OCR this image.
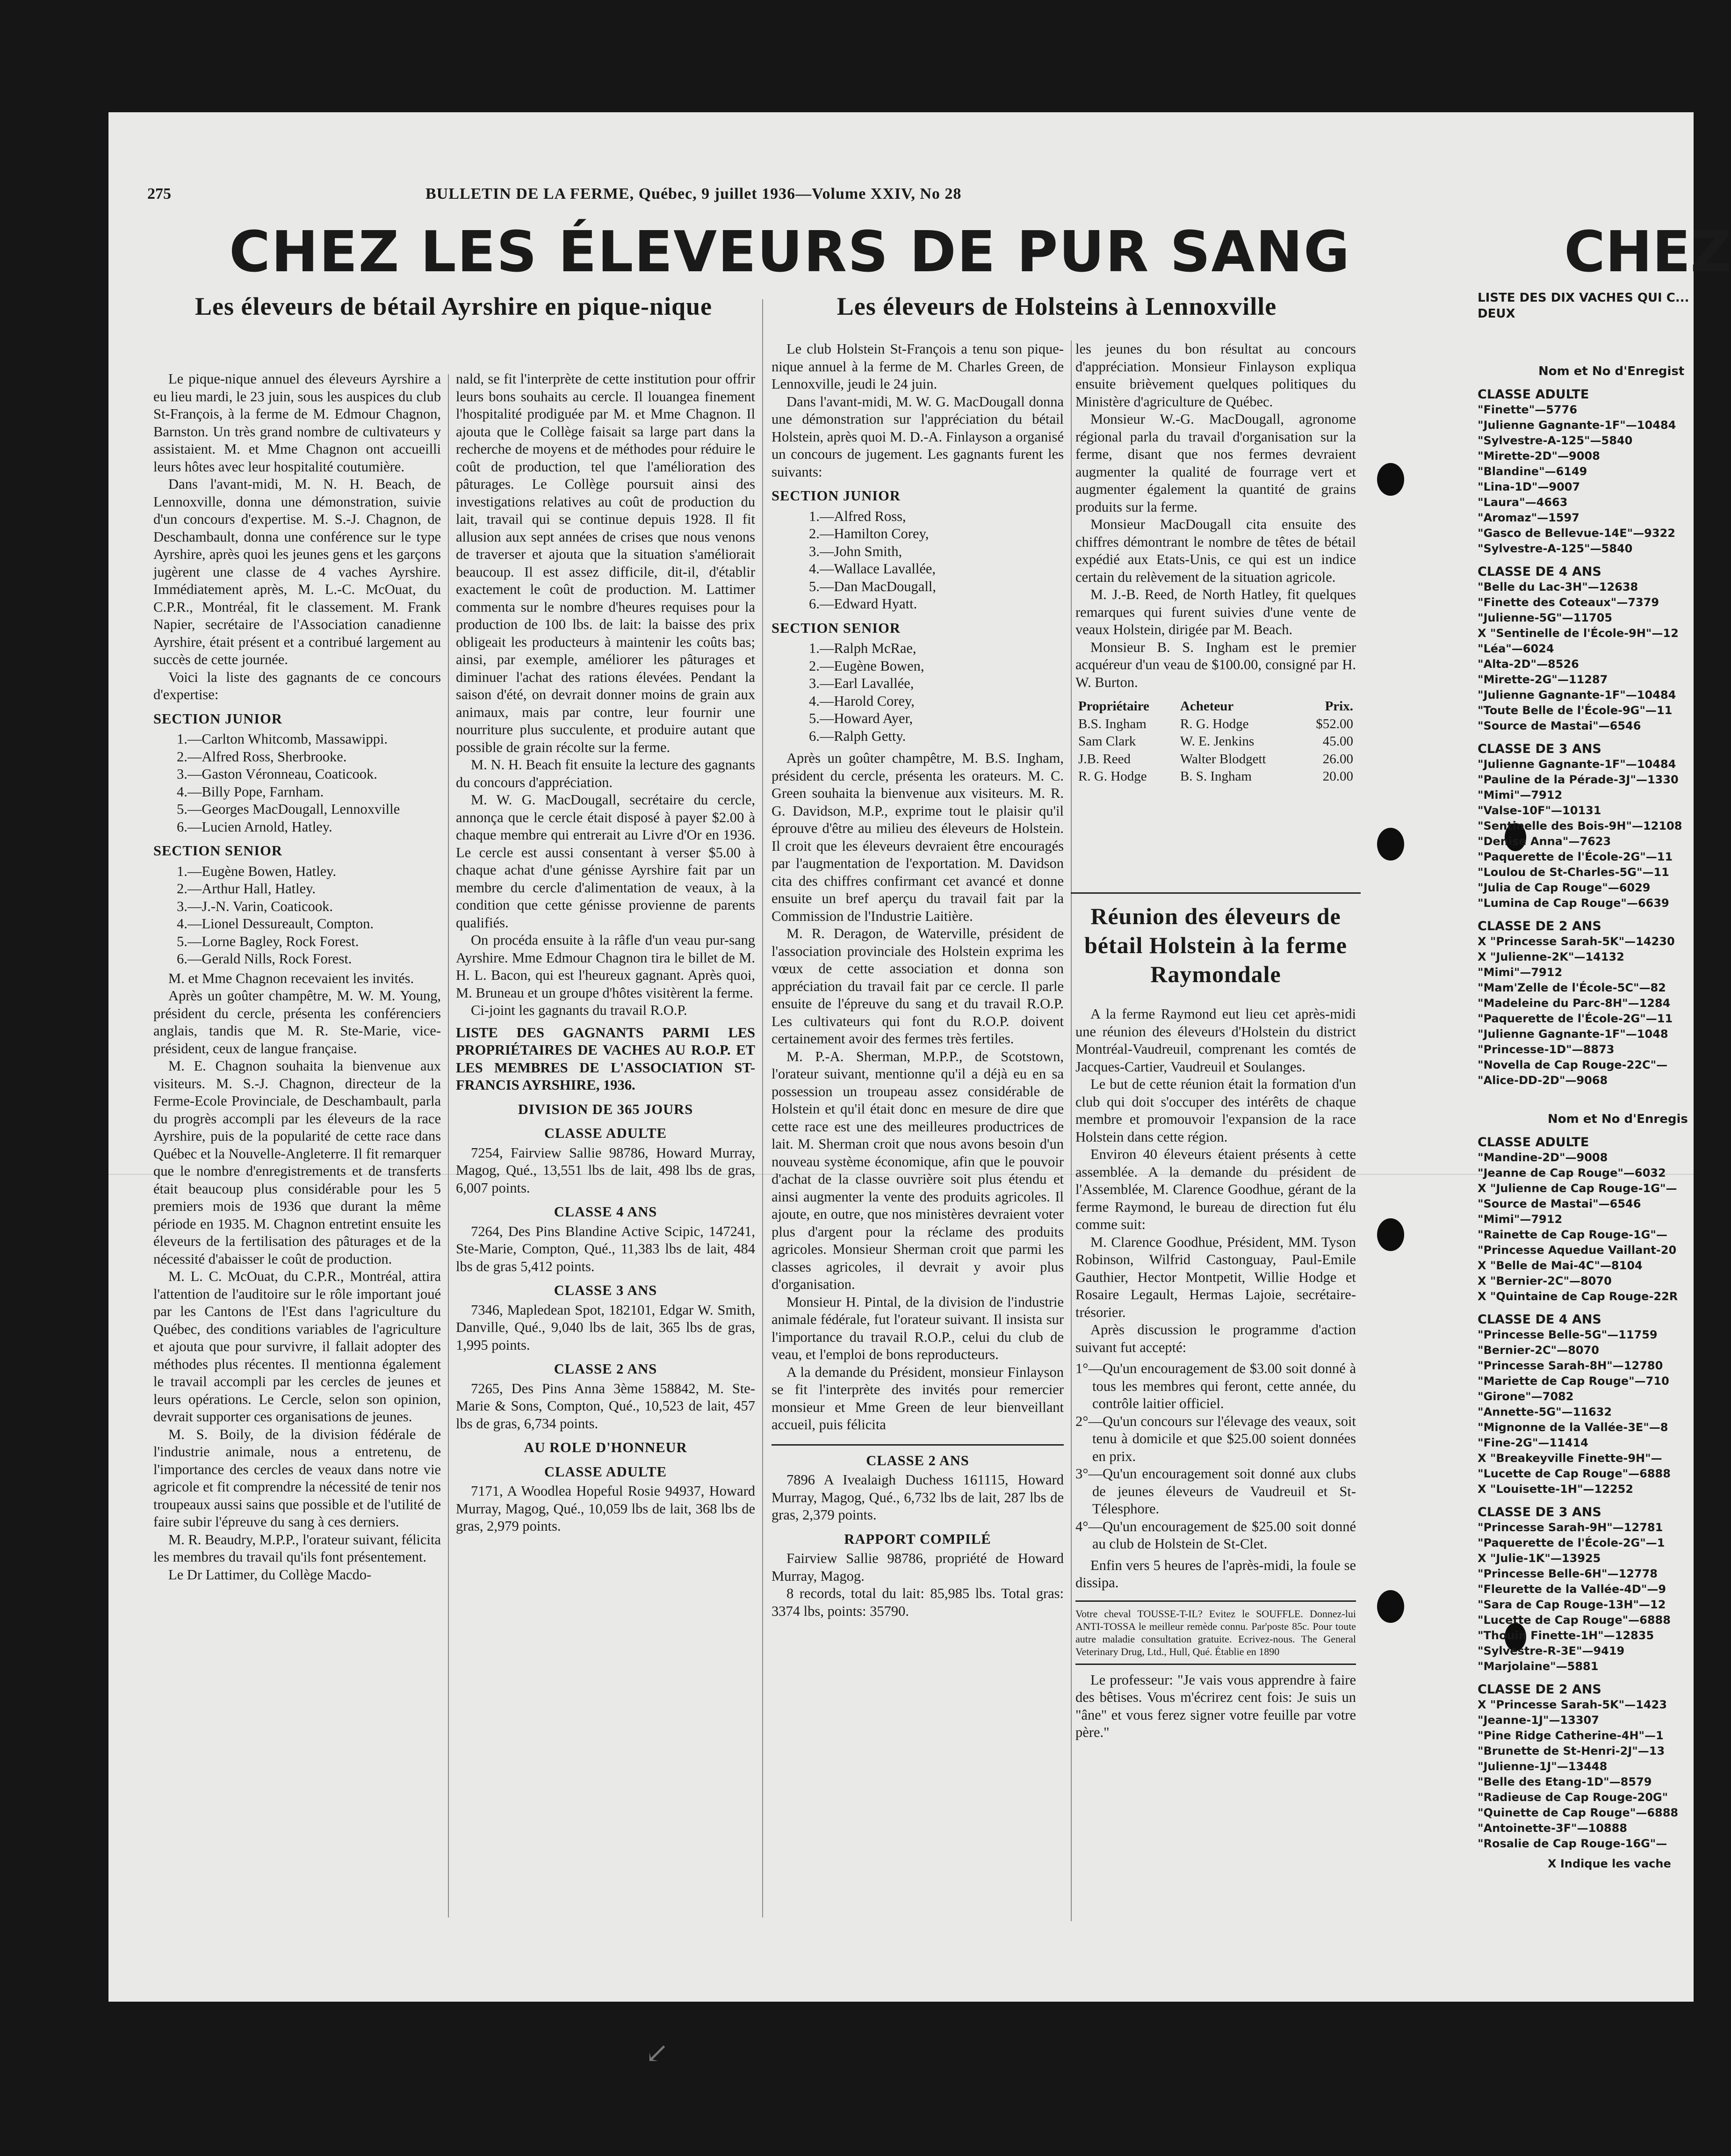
275	BULLETIN DE LA FERME, Québec, 9 juillet 1936—Volume XXIV, No 28
CHEZ LES ÉLEVEURS DE PUR SANG	CHEZ
Les éleveurs de bétail Ayrshire en pique-nique

Le pique-nique annuel des éleveurs Ayrshire a eu lieu mardi, le 23 juin, sous les auspices du club St-François, à la ferme de M. Edmour Chagnon, Barnston. Un très grand nombre de cultivateurs y assistaient. M. et Mme Chagnon ont accueilli leurs hôtes avec leur hospitalité coutumière.

Dans l'avant-midi, M. N. H. Beach, de Lennoxville, donna une démonstration, suivie d'un concours d'expertise. M. S.-J. Chagnon, de Deschambault, donna une conférence sur le type Ayrshire, après quoi les jeunes gens et les garçons jugèrent une classe de 4 vaches Ayrshire. Immédiatement après, M. L.-C. McOuat, du C.P.R., Montréal, fit le classement. M. Frank Napier, secrétaire de l'Association canadienne Ayrshire, était présent et a contribué largement au succès de cette journée.

Voici la liste des gagnants de ce concours d'expertise:

SECTION JUNIOR

1.—Carlton Whitcomb, Massawippi.
2.—Alfred Ross, Sherbrooke.
3.—Gaston Véronneau, Coaticook.
4.—Billy Pope, Farnham.
5.—Georges MacDougall, Lennoxville
6.—Lucien Arnold, Hatley.

SECTION SENIOR

1.—Eugène Bowen, Hatley.
2.—Arthur Hall, Hatley.
3.—J.-N. Varin, Coaticook.
4.—Lionel Dessureault, Compton.
5.—Lorne Bagley, Rock Forest.
6.—Gerald Nills, Rock Forest.

M. et Mme Chagnon recevaient les invités.

Après un goûter champêtre, M. W. M. Young, président du cercle, présenta les conférenciers anglais, tandis que M. R. Ste-Marie, vice-président, ceux de langue française.

M. E. Chagnon souhaita la bienvenue aux visiteurs. M. S.-J. Chagnon, directeur de la Ferme-Ecole Provinciale, de Deschambault, parla du progrès accompli par les éleveurs de la race Ayrshire, puis de la popularité de cette race dans Québec et la Nouvelle-Angleterre. Il fit remarquer que le nombre d'enregistrements et de transferts était beaucoup plus considérable pour les 5 premiers mois de 1936 que durant la même période en 1935. M. Chagnon entretint ensuite les éleveurs de la fertilisation des pâturages et de la nécessité d'abaisser le coût de production.

M. L. C. McOuat, du C.P.R., Montréal, attira l'attention de l'auditoire sur le rôle important joué par les Cantons de l'Est dans l'agriculture du Québec, des conditions variables de l'agriculture et ajouta que pour survivre, il fallait adopter des méthodes plus récentes. Il mentionna également le travail accompli par les cercles de jeunes et leurs opérations. Le Cercle, selon son opinion, devrait supporter ces organisations de jeunes.

M. S. Boily, de la division fédérale de l'industrie animale, nous a entretenu, de l'importance des cercles de veaux dans notre vie agricole et fit comprendre la nécessité de tenir nos troupeaux aussi sains que possible et de l'utilité de faire subir l'épreuve du sang à ces derniers.

M. R. Beaudry, M.P.P., l'orateur suivant, félicita les membres du travail qu'ils font présentement.

Le Dr Lattimer, du Collège Macdo-

nald, se fit l'interprète de cette institution pour offrir leurs bons souhaits au cercle. Il louangea finement l'hospitalité prodiguée par M. et Mme Chagnon. Il ajouta que le Collège faisait sa large part dans la recherche de moyens et de méthodes pour réduire le coût de production, tel que l'amélioration des pâturages. Le Collège poursuit ainsi des investigations relatives au coût de production du lait, travail qui se continue depuis 1928. Il fit allusion aux sept années de crises que nous venons de traverser et ajouta que la situation s'améliorait beaucoup. Il est assez difficile, dit-il, d'établir exactement le coût de production. M. Lattimer commenta sur le nombre d'heures requises pour la production de 100 lbs. de lait: la baisse des prix obligeait les producteurs à maintenir les coûts bas; ainsi, par exemple, améliorer les pâturages et diminuer l'achat des rations élevées. Pendant la saison d'été, on devrait donner moins de grain aux animaux, mais par contre, leur fournir une nourriture plus succulente, et produire autant que possible de grain récolte sur la ferme.

M. N. H. Beach fit ensuite la lecture des gagnants du concours d'appréciation.

M. W. G. MacDougall, secrétaire du cercle, annonça que le cercle était disposé à payer $2.00 à chaque membre qui entrerait au Livre d'Or en 1936. Le cercle est aussi consentant à verser $5.00 à chaque achat d'une génisse Ayrshire fait par un membre du cercle d'alimentation de veaux, à la condition que cette génisse provienne de parents qualifiés.

On procéda ensuite à la râfle d'un veau pur-sang Ayrshire. Mme Edmour Chagnon tira le billet de M. H. L. Bacon, qui est l'heureux gagnant. Après quoi, M. Bruneau et un groupe d'hôtes visitèrent la ferme.

Ci-joint les gagnants du travail R.O.P.

LISTE DES GAGNANTS PARMI LES PROPRIÉTAIRES DE VACHES AU R.O.P. ET LES MEMBRES DE L'ASSOCIATION ST-FRANCIS AYRSHIRE, 1936.

DIVISION DE 365 JOURS

CLASSE ADULTE

7254, Fairview Sallie 98786, Howard Murray, Magog, Qué., 13,551 lbs de lait, 498 lbs de gras, 6,007 points.

CLASSE 4 ANS

7264, Des Pins Blandine Active Scipic, 147241, Ste-Marie, Compton, Qué., 11,383 lbs de lait, 484 lbs de gras 5,412 points.

CLASSE 3 ANS

7346, Mapledean Spot, 182101, Edgar W. Smith, Danville, Qué., 9,040 lbs de lait, 365 lbs de gras, 1,995 points.

CLASSE 2 ANS

7265, Des Pins Anna 3ème 158842, M. Ste-Marie & Sons, Compton, Qué., 10,523 de lait, 457 lbs de gras, 6,734 points.

AU ROLE D'HONNEUR

CLASSE ADULTE

7171, A Woodlea Hopeful Rosie 94937, Howard Murray, Magog, Qué., 10,059 lbs de lait, 368 lbs de gras, 2,979 points.

Les éleveurs de Holsteins à Lennoxville

Le club Holstein St-François a tenu son pique-nique annuel à la ferme de M. Charles Green, de Lennoxville, jeudi le 24 juin.

Dans l'avant-midi, M. W. G. MacDougall donna une démonstration sur l'appréciation du bétail Holstein, après quoi M. D.-A. Finlayson a organisé un concours de jugement. Les gagnants furent les suivants:

SECTION JUNIOR

1.—Alfred Ross,
2.—Hamilton Corey,
3.—John Smith,
4.—Wallace Lavallée,
5.—Dan MacDougall,
6.—Edward Hyatt.

SECTION SENIOR

1.—Ralph McRae,
2.—Eugène Bowen,
3.—Earl Lavallée,
4.—Harold Corey,
5.—Howard Ayer,
6.—Ralph Getty.

Après un goûter champêtre, M. B.S. Ingham, président du cercle, présenta les orateurs. M. C. Green souhaita la bienvenue aux visiteurs. M. R. G. Davidson, M.P., exprime tout le plaisir qu'il éprouve d'être au milieu des éleveurs de Holstein. Il croit que les éleveurs devraient être encouragés par l'augmentation de l'exportation. M. Davidson cita des chiffres confirmant cet avancé et donne ensuite un bref aperçu du travail fait par la Commission de l'Industrie Laitière.

M. R. Deragon, de Waterville, président de l'association provinciale des Holstein exprima les vœux de cette association et donna son appréciation du travail fait par ce cercle. Il parle ensuite de l'épreuve du sang et du travail R.O.P. Les cultivateurs qui font du R.O.P. doivent certainement avoir des fermes très fertiles.

M. P.-A. Sherman, M.P.P., de Scotstown, l'orateur suivant, mentionne qu'il a déjà eu en sa possession un troupeau assez considérable de Holstein et qu'il était donc en mesure de dire que cette race est une des meilleures productrices de lait. M. Sherman croit que nous avons besoin d'un nouveau système économique, afin que le pouvoir d'achat de la classe ouvrière soit plus étendu et ainsi augmenter la vente des produits agricoles. Il ajoute, en outre, que nos ministères devraient voter plus d'argent pour la réclame des produits agricoles. Monsieur Sherman croit que parmi les classes agricoles, il devrait y avoir plus d'organisation.

Monsieur H. Pintal, de la division de l'industrie animale fédérale, fut l'orateur suivant. Il insista sur l'importance du travail R.O.P., celui du club de veau, et l'emploi de bons reproducteurs.

A la demande du Président, monsieur Finlayson se fit l'interprète des invités pour remercier monsieur et Mme Green de leur bienveillant accueil, puis félicita

CLASSE 2 ANS

7896 A Ivealaigh Duchess 161115, Howard Murray, Magog, Qué., 6,732 lbs de lait, 287 lbs de gras, 2,379 points.

RAPPORT COMPILÉ

Fairview Sallie 98786, propriété de Howard Murray, Magog.

8 records, total du lait: 85,985 lbs. Total gras: 3374 lbs, points: 35790.

les jeunes du bon résultat au concours d'appréciation. Monsieur Finlayson expliqua ensuite brièvement quelques politiques du Ministère d'agriculture de Québec.

Monsieur W.-G. MacDougall, agronome régional parla du travail d'organisation sur la ferme, disant que nos fermes devraient augmenter la qualité de fourrage vert et augmenter également la quantité de grains produits sur la ferme.

Monsieur MacDougall cita ensuite des chiffres démontrant le nombre de têtes de bétail expédié aux Etats-Unis, ce qui est un indice certain du relèvement de la situation agricole.

M. J.-B. Reed, de North Hatley, fit quelques remarques qui furent suivies d'une vente de veaux Holstein, dirigée par M. Beach.

Monsieur B. S. Ingham est le premier acquéreur d'un veau de $100.00, consigné par H. W. Burton.

Propriétaire	Acheteur	Prix.
B.S. Ingham	R. G. Hodge	$52.00
Sam Clark	W. E. Jenkins	45.00
J.B. Reed	Walter Blodgett	26.00
R. G. Hodge	B. S. Ingham	20.00
Réunion des éleveurs de bétail Holstein à la ferme Raymondale

A la ferme Raymond eut lieu cet après-midi une réunion des éleveurs d'Holstein du district Montréal-Vaudreuil, comprenant les comtés de Jacques-Cartier, Vaudreuil et Soulanges.

Le but de cette réunion était la formation d'un club qui doit s'occuper des intérêts de chaque membre et promouvoir l'expansion de la race Holstein dans cette région.

Environ 40 éleveurs étaient présents à cette assemblée. A la demande du président de l'Assemblée, M. Clarence Goodhue, gérant de la ferme Raymond, le bureau de direction fut élu comme suit:

M. Clarence Goodhue, Président, MM. Tyson Robinson, Wilfrid Castonguay, Paul-Emile Gauthier, Hector Montpetit, Willie Hodge et Rosaire Legault, Hermas Lajoie, secrétaire-trésorier.

Après discussion le programme d'action suivant fut accepté:

1°—Qu'un encouragement de $3.00 soit donné à tous les membres qui feront, cette année, du contrôle laitier officiel.

2°—Qu'un concours sur l'élevage des veaux, soit tenu à domicile et que $25.00 soient données en prix.

3°—Qu'un encouragement soit donné aux clubs de jeunes éleveurs de Vaudreuil et St-Télesphore.

4°—Qu'un encouragement de $25.00 soit donné au club de Holstein de St-Clet.

Enfin vers 5 heures de l'après-midi, la foule se dissipa.

Votre cheval TOUSSE-T-IL? Evitez le SOUFFLE. Donnez-lui ANTI-TOSSA le meilleur remède connu. Par'poste 85c. Pour toute autre maladie consultation gratuite. Ecrivez-nous. The General Veterinary Drug, Ltd., Hull, Qué. Établie en 1890

Le professeur: "Je vais vous apprendre à faire des bêtises. Vous m'écrirez cent fois: Je suis un "âne" et vous ferez signer votre feuille par votre père."

LISTE DES DIX VACHES QUI C... DEUX
Nom et No d'Enregist
CLASSE ADULTE
"Finette"—5776
"Julienne Gagnante-1F"—10484
"Sylvestre-A-125"—5840
"Mirette-2D"—9008
"Blandine"—6149
"Lina-1D"—9007
"Laura"—4663
"Aromaz"—1597
"Gasco de Bellevue-14E"—9322
"Sylvestre-A-125"—5840
CLASSE DE 4 ANS
"Belle du Lac-3H"—12638
"Finette des Coteaux"—7379
"Julienne-5G"—11705
X "Sentinelle de l'École-9H"—12
"Léa"—6024
"Alta-2D"—8526
"Mirette-2G"—11287
"Julienne Gagnante-1F"—10484
"Toute Belle de l'École-9G"—11
"Source de Mastai"—6546
CLASSE DE 3 ANS
"Julienne Gagnante-1F"—10484
"Pauline de la Pérade-3J"—1330
"Mimi"—7912
"Valse-10F"—10131
"Sentinelle des Bois-9H"—12108
"Denise Anna"—7623
"Paquerette de l'École-2G"—11
"Loulou de St-Charles-5G"—11
"Julia de Cap Rouge"—6029
"Lumina de Cap Rouge"—6639
CLASSE DE 2 ANS
X "Princesse Sarah-5K"—14230
X "Julienne-2K"—14132
"Mimi"—7912
"Mam'Zelle de l'École-5C"—82
"Madeleine du Parc-8H"—1284
"Paquerette de l'École-2G"—11
"Julienne Gagnante-1F"—1048
"Princesse-1D"—8873
"Novella de Cap Rouge-22C"—
"Alice-DD-2D"—9068
Nom et No d'Enregis
CLASSE ADULTE
"Mandine-2D"—9008
"Jeanne de Cap Rouge"—6032
X "Julienne de Cap Rouge-1G"—
"Source de Mastai"—6546
"Mimi"—7912
"Rainette de Cap Rouge-1G"—
"Princesse Aquedue Vaillant-20
X "Belle de Mai-4C"—8104
X "Bernier-2C"—8070
X "Quintaine de Cap Rouge-22R
CLASSE DE 4 ANS
"Princesse Belle-5G"—11759
"Bernier-2C"—8070
"Princesse Sarah-8H"—12780
"Mariette de Cap Rouge"—710
"Girone"—7082
"Annette-5G"—11632
"Mignonne de la Vallée-3E"—8
"Fine-2G"—11414
X "Breakeyville Finette-9H"—
"Lucette de Cap Rouge"—6888
X "Louisette-1H"—12252
CLASSE DE 3 ANS
"Princesse Sarah-9H"—12781
"Paquerette de l'École-2G"—1
X "Julie-1K"—13925
"Princesse Belle-6H"—12778
"Fleurette de la Vallée-4D"—9
"Sara de Cap Rouge-13H"—12
"Lucette de Cap Rouge"—6888
"Thouin Finette-1H"—12835
"Sylvestre-R-3E"—9419
"Marjolaine"—5881
CLASSE DE 2 ANS
X "Princesse Sarah-5K"—1423
"Jeanne-1J"—13307
"Pine Ridge Catherine-4H"—1
"Brunette de St-Henri-2J"—13
"Julienne-1J"—13448
"Belle des Etang-1D"—8579
"Radieuse de Cap Rouge-20G"
"Quinette de Cap Rouge"—6888
"Antoinette-3F"—10888
"Rosalie de Cap Rouge-16G"—
X Indique les vache
↙
